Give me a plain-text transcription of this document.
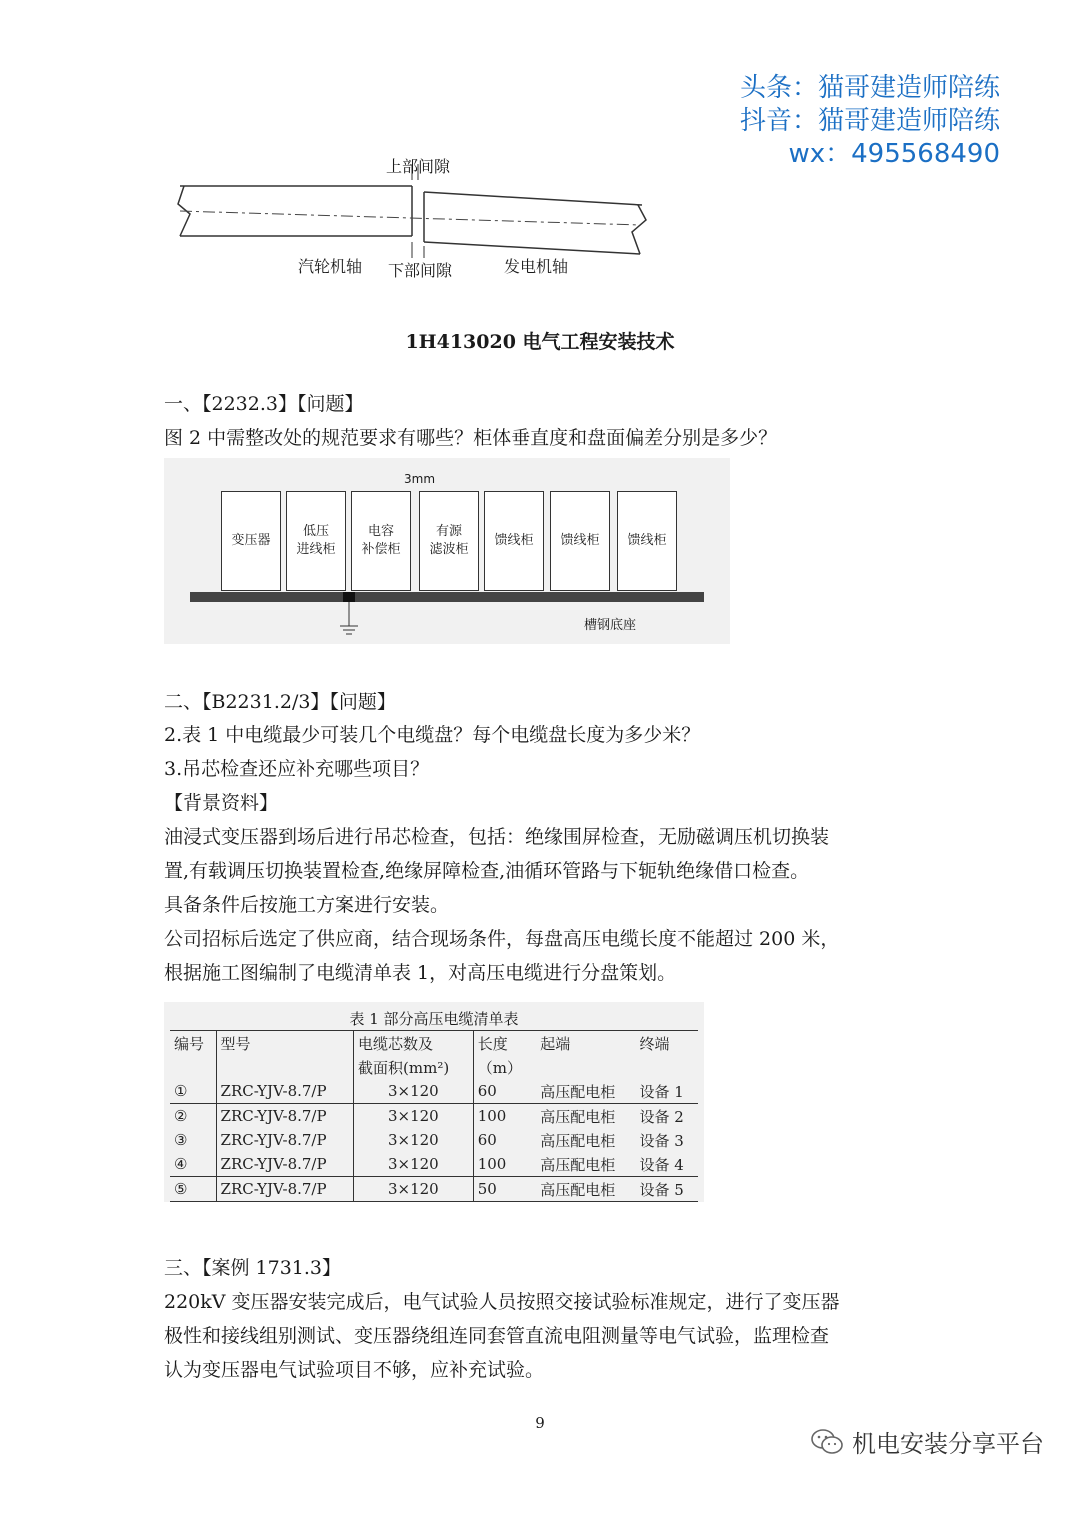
头条：猫哥建造师陪练
抖音：猫哥建造师陪练
wx：495568490
上部间隙
汽轮机轴 下部间隙	发电机轴
1H413020 电气工程安装技术
一、【2232.3】【问题】
图 2 中需整改处的规范要求有哪些？柜体垂直度和盘面偏差分别是多少？
3mm
变压器
低压
进线柜
电容
补偿柜
有源
滤波柜
馈线柜	馈线柜	馈线柜
槽钢底座
二、【B2231.2/3】【问题】
2.表 1 中电缆最少可装几个电缆盘？每个电缆盘长度为多少米？
3.吊芯检查还应补充哪些项目？
【背景资料】
油浸式变压器到场后进行吊芯检查，包括：绝缘围屏检查，无励磁调压机切换装
置,有载调压切换装置检查,绝缘屏障检查,油循环管路与下轭轨绝缘借口检查。
具备条件后按施工方案进行安装。
公司招标后选定了供应商，结合现场条件，每盘高压电缆长度不能超过 200 米，
根据施工图编制了电缆清单表 1，对高压电缆进行分盘策划。
表 1 部分高压电缆清单表
编号	型号	电缆芯数及	长度	起端	终端
		截面积(mm²)	（m）		
①	ZRC-YJV-8.7/P	3×120	60	高压配电柜	设备 1
②	ZRC-YJV-8.7/P	3×120	100	高压配电柜	设备 2
③	ZRC-YJV-8.7/P	3×120	60	高压配电柜	设备 3
④	ZRC-YJV-8.7/P	3×120	100	高压配电柜	设备 4
⑤	ZRC-YJV-8.7/P	3×120	50	高压配电柜	设备 5
三、【案例 1731.3】
220kV 变压器安装完成后，电气试验人员按照交接试验标准规定，进行了变压器
极性和接线组别测试、变压器绕组连同套管直流电阻测量等电气试验，监理检查
认为变压器电气试验项目不够，应补充试验。
9
机电安装分享平台
